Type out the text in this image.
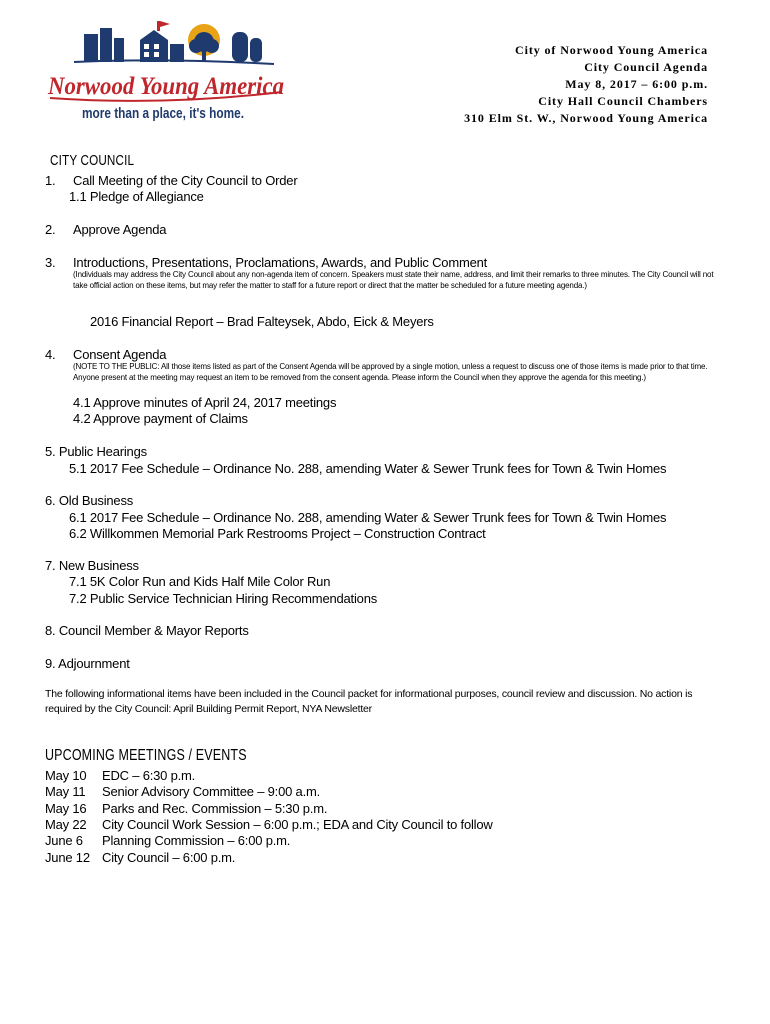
Norwood Young America
more than a place, it's home.
City of Norwood Young America
City Council Agenda
May 8, 2017 – 6:00 p.m.
City Hall Council Chambers
310 Elm St. W., Norwood Young America
CITY COUNCIL
1. Call Meeting of the City Council to Order
1.1 Pledge of Allegiance
2. Approve Agenda
3. Introductions, Presentations, Proclamations, Awards, and Public Comment
(Individuals may address the City Council about any non-agenda item of concern. Speakers must state their name, address, and limit their remarks to three minutes. The City Council will not take official action on these items, but may refer the matter to staff for a future report or direct that the matter be scheduled for a future meeting agenda.)
2016 Financial Report – Brad Falteysek, Abdo, Eick & Meyers
4. Consent Agenda
(NOTE TO THE PUBLIC: All those items listed as part of the Consent Agenda will be approved by a single motion, unless a request to discuss one of those items is made prior to that time. Anyone present at the meeting may request an item to be removed from the consent agenda. Please inform the Council when they approve the agenda for this meeting.)
4.1 Approve minutes of April 24, 2017 meetings
4.2 Approve payment of Claims
5. Public Hearings
5.1 2017 Fee Schedule – Ordinance No. 288, amending Water & Sewer Trunk fees for Town & Twin Homes
6. Old Business
6.1 2017 Fee Schedule – Ordinance No. 288, amending Water & Sewer Trunk fees for Town & Twin Homes
6.2 Willkommen Memorial Park Restrooms Project – Construction Contract
7. New Business
7.1 5K Color Run and Kids Half Mile Color Run
7.2 Public Service Technician Hiring Recommendations
8. Council Member & Mayor Reports
9. Adjournment
The following informational items have been included in the Council packet for informational purposes, council review and discussion. No action is required by the City Council: April Building Permit Report, NYA Newsletter
UPCOMING MEETINGS / EVENTS
May 10 EDC – 6:30 p.m.
May 11 Senior Advisory Committee – 9:00 a.m.
May 16 Parks and Rec. Commission – 5:30 p.m.
May 22 City Council Work Session – 6:00 p.m.; EDA and City Council to follow
June 6 Planning Commission – 6:00 p.m.
June 12 City Council – 6:00 p.m.
